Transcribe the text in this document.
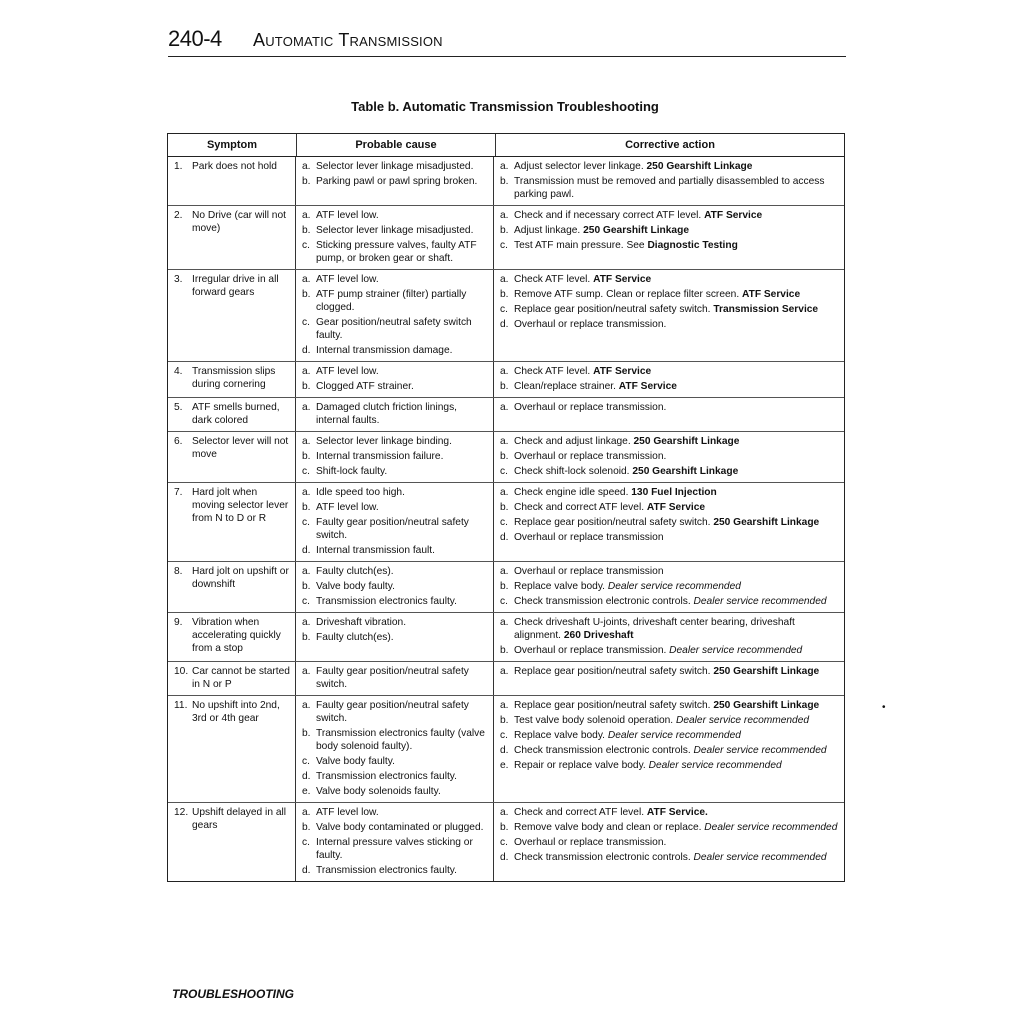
240-4 Automatic Transmission
Table b. Automatic Transmission Troubleshooting
Symptom	Probable cause	Corrective action
1. Park does not hold a. Selector lever linkage misadjusted.
b. Parking pawl or pawl spring broken.
a. Adjust selector lever linkage. 250 Gearshift Linkage
b. Transmission must be removed and partially disassembled to access parking pawl.
2. No Drive (car will not move)
a. ATF level low.
b. Selector lever linkage misadjusted.
c. Sticking pressure valves, faulty ATF pump, or broken gear or shaft.
a. Check and if necessary correct ATF level. ATF Service
b. Adjust linkage. 250 Gearshift Linkage
c. Test ATF main pressure. See Diagnostic Testing
3. Irregular drive in all forward gears
a. ATF level low.
b. ATF pump strainer (filter) partially clogged.
c. Gear position/neutral safety switch faulty.
d. Internal transmission damage.
a. Check ATF level. ATF Service
b. Remove ATF sump. Clean or replace filter screen. ATF Service
c. Replace gear position/neutral safety switch. Transmission Service
d. Overhaul or replace transmission.
4. Transmission slips during cornering
a. ATF level low.
b. Clogged ATF strainer.
a. Check ATF level. ATF Service
b. Clean/replace strainer. ATF Service
5. ATF smells burned, dark colored
a. Damaged clutch friction linings, internal faults.
a. Overhaul or replace transmission.
6. Selector lever will not move
a. Selector lever linkage binding.
b. Internal transmission failure.
c. Shift-lock faulty.
a. Check and adjust linkage. 250 Gearshift Linkage
b. Overhaul or replace transmission.
c. Check shift-lock solenoid. 250 Gearshift Linkage
7. Hard jolt when moving selector lever from N to D or R
a. Idle speed too high.
b. ATF level low.
c. Faulty gear position/neutral safety switch.
d. Internal transmission fault.
a. Check engine idle speed. 130 Fuel Injection
b. Check and correct ATF level. ATF Service
c. Replace gear position/neutral safety switch. 250 Gearshift Linkage
d. Overhaul or replace transmission
8. Hard jolt on upshift or downshift
a. Faulty clutch(es).
b. Valve body faulty.
c. Transmission electronics faulty.
a. Overhaul or replace transmission
b. Replace valve body. Dealer service recommended
c. Check transmission electronic controls. Dealer service recommended
9. Vibration when accelerating quickly from a stop
a. Driveshaft vibration.
b. Faulty clutch(es).
a. Check driveshaft U-joints, driveshaft center bearing, driveshaft alignment. 260 Driveshaft
b. Overhaul or replace transmission. Dealer service recommended
10. Car cannot be started in N or P
a. Faulty gear position/neutral safety switch.
a. Replace gear position/neutral safety switch. 250 Gearshift Linkage
11. No upshift into 2nd, 3rd or 4th gear
a. Faulty gear position/neutral safety switch.
b. Transmission electronics faulty (valve body solenoid faulty).
c. Valve body faulty.
d. Transmission electronics faulty.
e. Valve body solenoids faulty.
a. Replace gear position/neutral safety switch. 250 Gearshift Linkage
b. Test valve body solenoid operation. Dealer service recommended
c. Replace valve body. Dealer service recommended
d. Check transmission electronic controls. Dealer service recommended
e. Repair or replace valve body. Dealer service recommended
12. Upshift delayed in all gears
a. ATF level low.
b. Valve body contaminated or plugged.
c. Internal pressure valves sticking or faulty.
d. Transmission electronics faulty.
a. Check and correct ATF level. ATF Service.
b. Remove valve body and clean or replace. Dealer service recommended
c. Overhaul or replace transmission.
d. Check transmission electronic controls. Dealer service recommended
•
TROUBLESHOOTING
